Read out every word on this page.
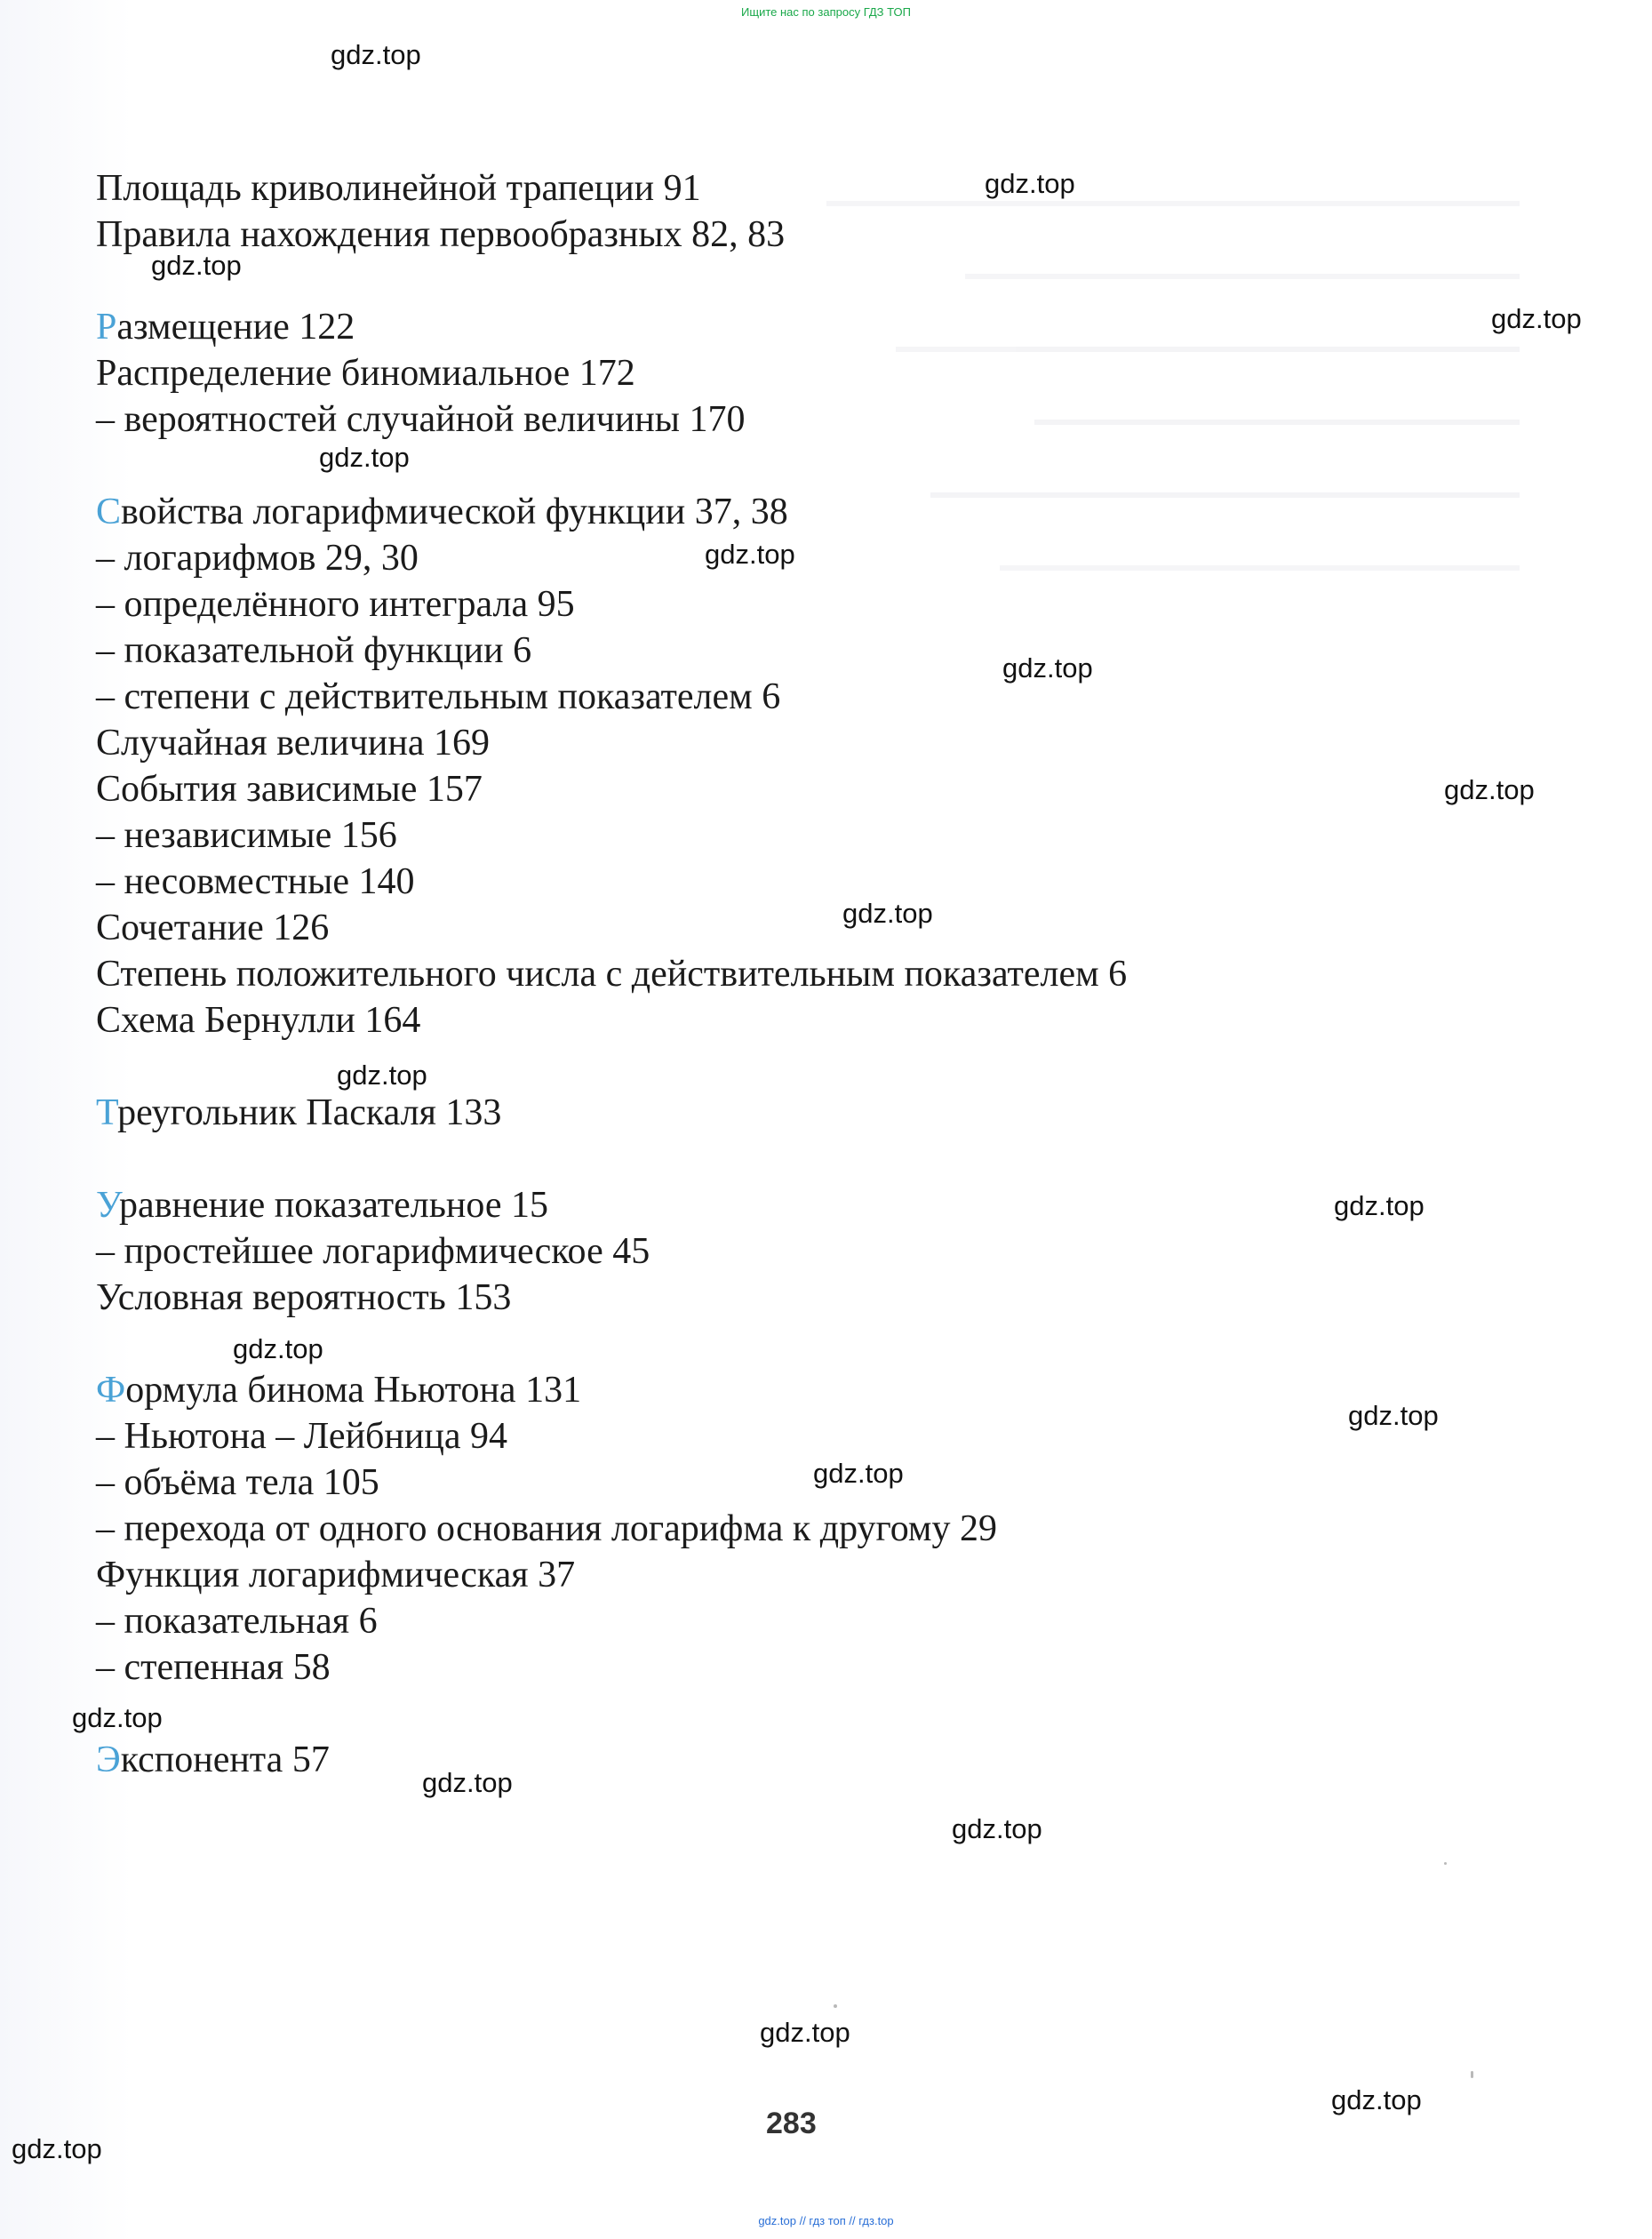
Ищите нас по запросу ГДЗ ТОП
gdz.top
gdz.top
gdz.top
gdz.top
gdz.top
gdz.top
gdz.top
gdz.top
gdz.top
gdz.top
gdz.top
gdz.top
gdz.top
gdz.top
gdz.top
gdz.top
gdz.top
gdz.top
gdz.top
gdz.top
Площадь криволинейной трапеции 91
Правила нахождения первообразных 82, 83
Размещение 122
Распределение биномиальное 172
– вероятностей случайной величины 170
Свойства логарифмической функции 37, 38
– логарифмов 29, 30
– определённого интеграла 95
– показательной функции 6
– степени с действительным показателем 6
Случайная величина 169
События зависимые 157
– независимые 156
– несовместные 140
Сочетание 126
Степень положительного числа с действительным показателем 6
Схема Бернулли 164
Треугольник Паскаля 133
Уравнение показательное 15
– простейшее логарифмическое 45
Условная вероятность 153
Формула бинома Ньютона 131
– Ньютона – Лейбница 94
– объёма тела 105
– перехода от одного основания логарифма к другому 29
Функция логарифмическая 37
– показательная 6
– степенная 58
Экспонента 57
283
gdz.top // гдз топ // гдз.top
